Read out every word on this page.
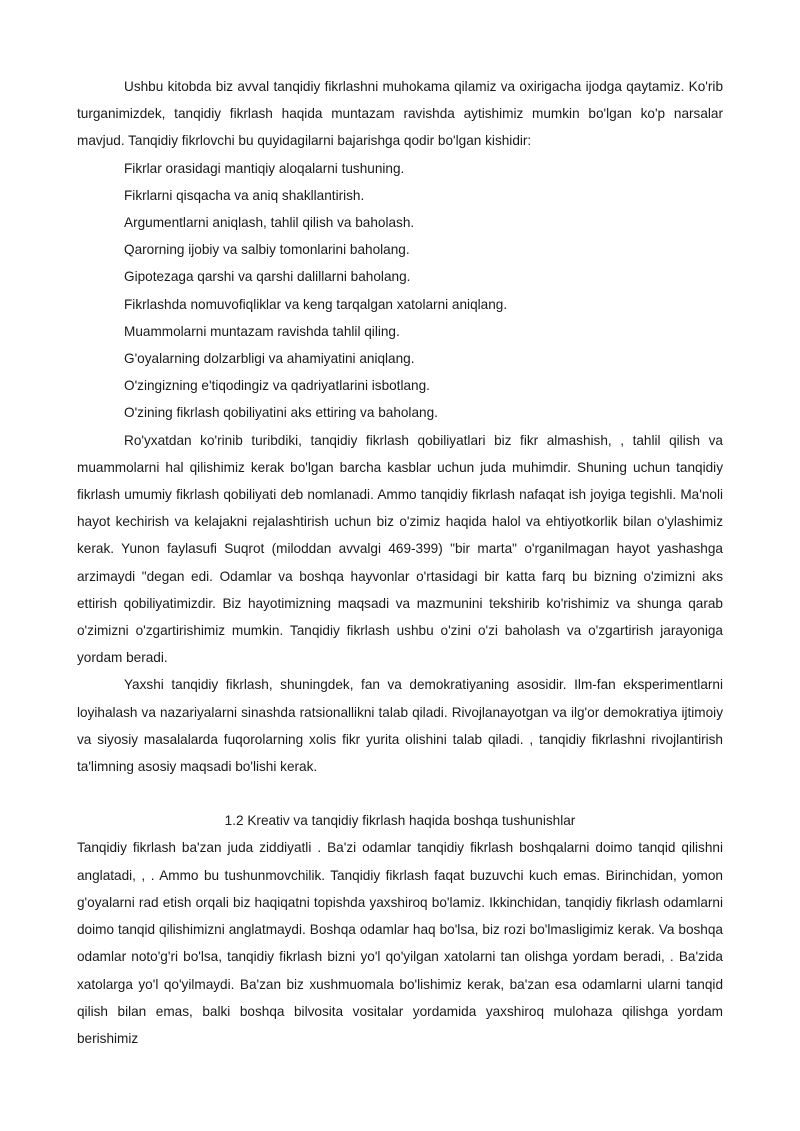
Ushbu kitobda biz avval tanqidiy fikrlashni muhokama qilamiz va oxirigacha ijodga qaytamiz. Ko'rib turganimizdek, tanqidiy fikrlash haqida muntazam ravishda aytishimiz mumkin bo'lgan ko'p narsalar mavjud. Tanqidiy fikrlovchi bu quyidagilarni bajarishga qodir bo'lgan kishidir:

Fikrlar orasidagi mantiqiy aloqalarni tushuning.
Fikrlarni qisqacha va aniq shakllantirish.
Argumentlarni aniqlash, tahlil qilish va baholash.
Qarorning ijobiy va salbiy tomonlarini baholang.
Gipotezaga qarshi va qarshi dalillarni baholang.
Fikrlashda nomuvofiqliklar va keng tarqalgan xatolarni aniqlang.
Muammolarni muntazam ravishda tahlil qiling.
G'oyalarning dolzarbligi va ahamiyatini aniqlang.
O'zingizning e'tiqodingiz va qadriyatlarini isbotlang.
O'zining fikrlash qobiliyatini aks ettiring va baholang.

Ro'yxatdan ko'rinib turibdiki, tanqidiy fikrlash qobiliyatlari biz fikr almashish, , tahlil qilish va muammolarni hal qilishimiz kerak bo'lgan barcha kasblar uchun juda muhimdir. Shuning uchun tanqidiy fikrlash umumiy fikrlash qobiliyati deb nomlanadi. Ammo tanqidiy fikrlash nafaqat ish joyiga tegishli. Ma'noli hayot kechirish va kelajakni rejalashtirish uchun biz o'zimiz haqida halol va ehtiyotkorlik bilan o'ylashimiz kerak. Yunon faylasufi Suqrot (miloddan avvalgi 469-399) "bir marta" o'rganilmagan hayot yashashga arzimaydi "degan edi. Odamlar va boshqa hayvonlar o'rtasidagi bir katta farq bu bizning o'zimizni aks ettirish qobiliyatimizdir. Biz hayotimizning maqsadi va mazmunini tekshirib ko'rishimiz va shunga qarab o'zimizni o'zgartirishimiz mumkin. Tanqidiy fikrlash ushbu o'zini o'zi baholash va o'zgartirish jarayoniga yordam beradi.

Yaxshi tanqidiy fikrlash, shuningdek, fan va demokratiyaning asosidir. Ilm-fan eksperimentlarni loyihalash va nazariyalarni sinashda ratsionallikni talab qiladi. Rivojlanayotgan va ilg'or demokratiya ijtimoiy va siyosiy masalalarda fuqorolarning xolis fikr yurita olishini talab qiladi. , tanqidiy fikrlashni rivojlantirish ta'limning asosiy maqsadi bo'lishi kerak.

1.2 Kreativ va tanqidiy fikrlash haqida boshqa tushunishlar

Tanqidiy fikrlash ba'zan juda ziddiyatli . Ba'zi odamlar tanqidiy fikrlash boshqalarni doimo tanqid qilishni anglatadi, , . Ammo bu tushunmovchilik. Tanqidiy fikrlash faqat buzuvchi kuch emas. Birinchidan, yomon g'oyalarni rad etish orqali biz haqiqatni topishda yaxshiroq bo'lamiz. Ikkinchidan, tanqidiy fikrlash odamlarni doimo tanqid qilishimizni anglatmaydi. Boshqa odamlar haq bo'lsa, biz rozi bo'lmasligimiz kerak. Va boshqa odamlar noto'g'ri bo'lsa, tanqidiy fikrlash bizni yo'l qo'yilgan xatolarni tan olishga yordam beradi, . Ba'zida xatolarga yo'l qo'yilmaydi. Ba'zan biz xushmuomala bo'lishimiz kerak, ba'zan esa odamlarni ularni tanqid qilish bilan emas, balki boshqa bilvosita vositalar yordamida yaxshiroq mulohaza qilishga yordam berishimiz
